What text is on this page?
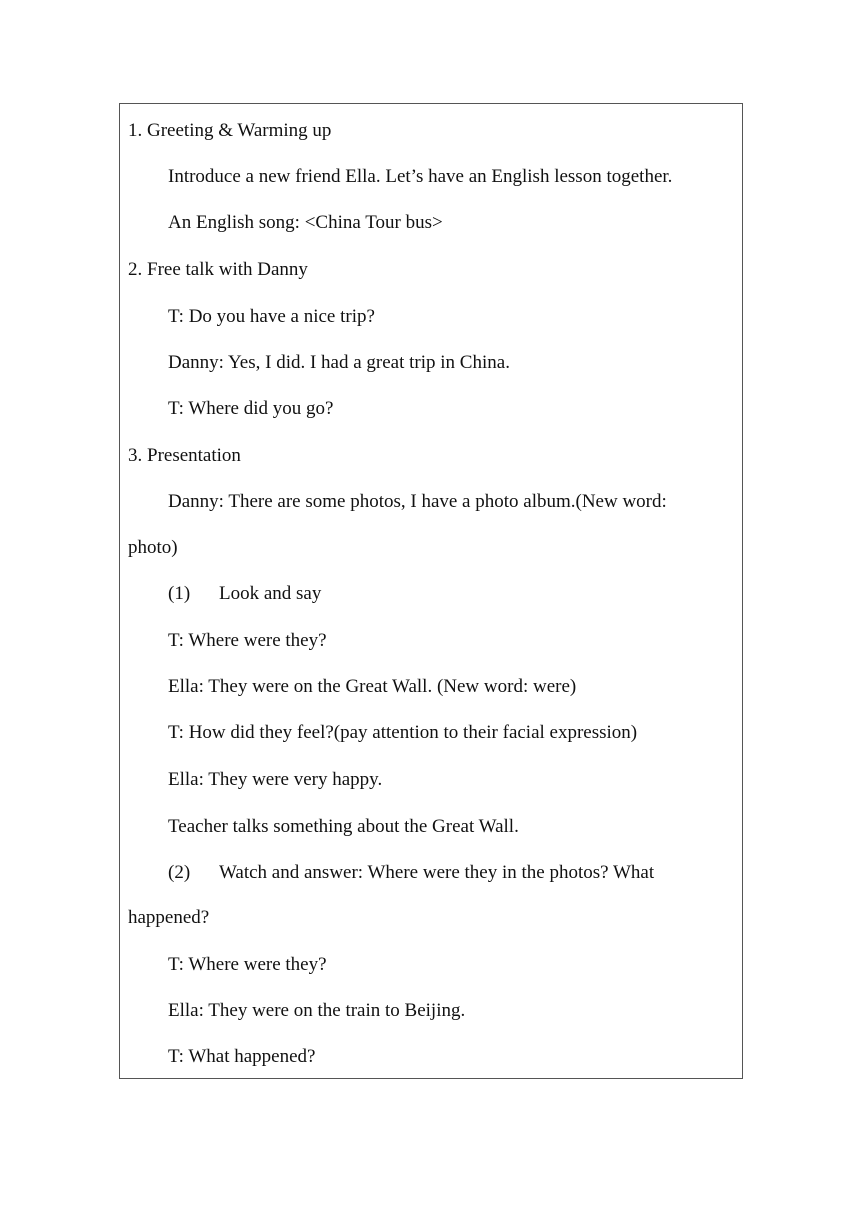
1. Greeting & Warming up
Introduce a new friend Ella. Let’s have an English lesson together.
An English song: <China Tour bus>
2. Free talk with Danny
T: Do you have a nice trip?
Danny: Yes, I did. I had a great trip in China.
T: Where did you go?
3. Presentation
Danny: There are some photos, I have a photo album.(New word:
photo)
(1) Look and say
T: Where were they?
Ella: They were on the Great Wall. (New word: were)
T: How did they feel?(pay attention to their facial expression)
Ella: They were very happy.
Teacher talks something about the Great Wall.
(2) Watch and answer: Where were they in the photos? What
happened?
T: Where were they?
Ella: They were on the train to Beijing.
T: What happened?
